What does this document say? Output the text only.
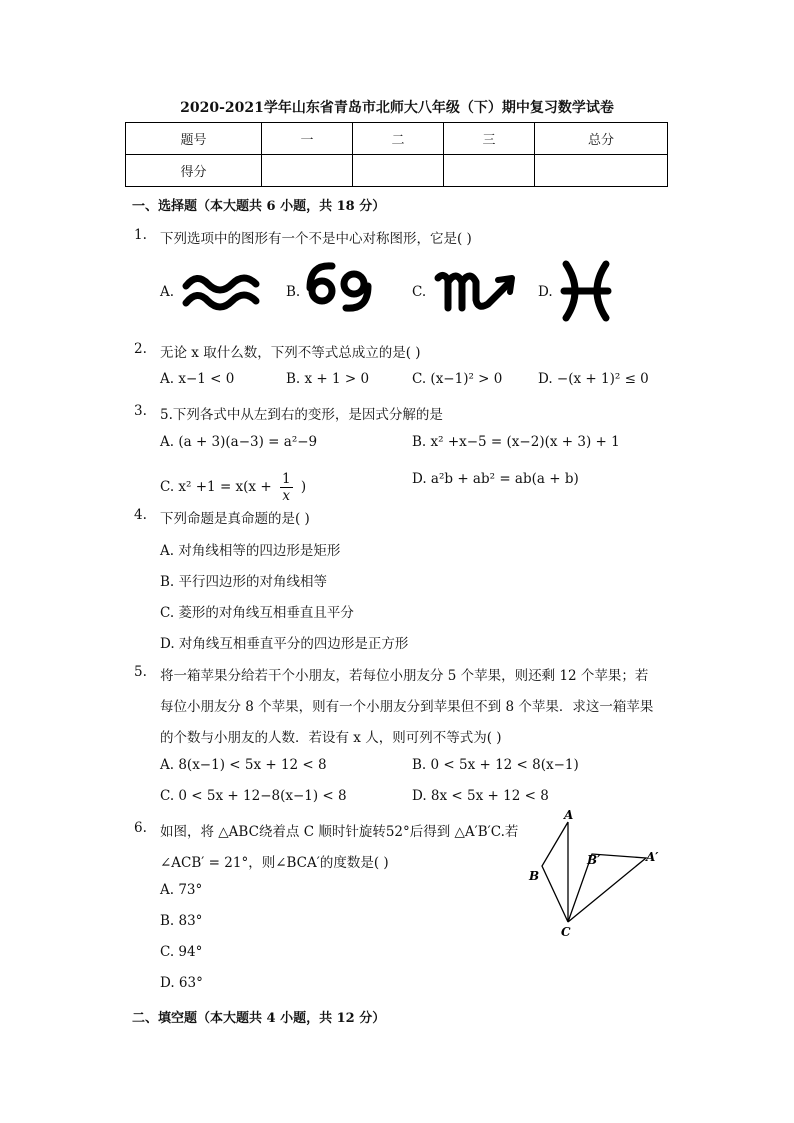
2020-2021学年山东省青岛市北师大八年级（下）期中复习数学试卷
题号	一	二	三	总分
得分				
一、选择题（本大题共 6 小题，共 18 分）
1. 下列选项中的图形有一个不是中心对称图形，它是( )
A.	B.	C.	D.
2. 无论 x 取什么数，下列不等式总成立的是( )
A. x−1 < 0	B. x + 1 > 0	C. (x−1)² > 0	D. −(x + 1)² ≤ 0
3. 5.下列各式中从左到右的变形，是因式分解的是
A. (a + 3)(a−3) = a²−9	B. x² +x−5 = (x−2)(x + 3) + 1
C. $x^2 +1 = x(x + \frac{1}{x}$ )	D. a²b + ab² = ab(a + b)
4. 下列命题是真命题的是( )
A. 对角线相等的四边形是矩形
B. 平行四边形的对角线相等
C. 菱形的对角线互相垂直且平分
D. 对角线互相垂直平分的四边形是正方形
5. 将一箱苹果分给若干个小朋友，若每位小朋友分 5 个苹果，则还剩 12 个苹果；若
每位小朋友分 8 个苹果，则有一个小朋友分到苹果但不到 8 个苹果．求这一箱苹果
的个数与小朋友的人数．若设有 x 人，则可列不等式为( )
A. 8(x−1) < 5x + 12 < 8	B. 0 < 5x + 12 < 8(x−1)
C. 0 < 5x + 12−8(x−1) < 8	D. 8x < 5x + 12 < 8
6. 如图，将 △ABC绕着点 C 顺时针旋转52°后得到 △A′B′C.若
∠ACB′ = 21°，则∠BCA′的度数是( )
A. 73°
B. 83°
C. 94°
D. 63°
A
B
C
B′	A′
二、填空题（本大题共 4 小题，共 12 分）
